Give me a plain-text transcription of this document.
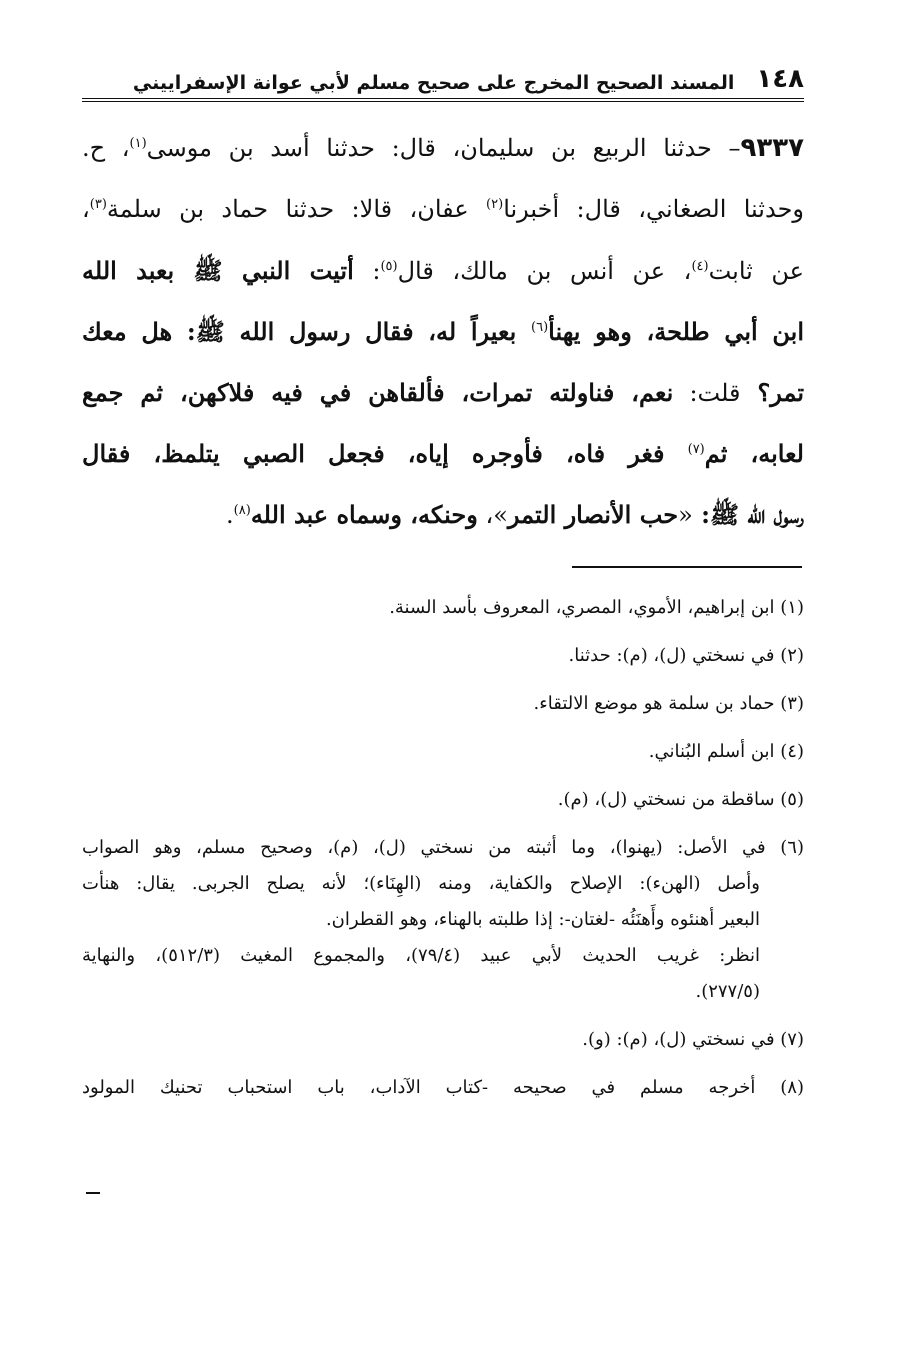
١٤٨
المسند الصحيح المخرج على صحيح مسلم لأبي عوانة الإسفراييني
٩٣٣٧– حدثنا الربيع بن سليمان، قال: حدثنا أسد بن موسى$^{(١)}$، ح.
وحدثنا الصغاني، قال: أخبرنا$^{(٢)}$ عفان، قالا: حدثنا حماد بن سلمة$^{(٣)}$،
عن ثابت$^{(٤)}$، عن أنس بن مالك، قال$^{(٥)}$: أتيت النبي ﷺ بعبد الله
ابن أبي طلحة، وهو يهنأ$^{(٦)}$ بعيراً له، فقال رسول الله ﷺ: هل معك
تمر؟ قلت: نعم، فناولته تمرات، فألقاهن في فيه فلاكهن، ثم جمع
لعابه، ثم$^{(٧)}$ فغر فاه، فأوجره إياه، فجعل الصبي يتلمظ، فقال
رسول الله ﷺ: «حب الأنصار التمر»، وحنكه، وسماه عبد الله$^{(٨)}$.
(١) ابن إبراهيم، الأموي، المصري، المعروف بأسد السنة.
(٢) في نسختي (ل)، (م): حدثنا.
(٣) حماد بن سلمة هو موضع الالتقاء.
(٤) ابن أسلم البُناني.
(٥) ساقطة من نسختي (ل)، (م).
(٦) في الأصل: (يهنوا)، وما أثبته من نسختي (ل)، (م)، وصحيح مسلم، وهو الصواب
وأصل (الهنء): الإصلاح والكفاية، ومنه (الهِنَاء)؛ لأنه يصلح الجربى. يقال: هنأت
البعير أهنئوه وأَهنَئُه -لغتان-: إذا طلبته بالهناء، وهو القطران.
انظر: غريب الحديث لأبي عبيد (٧٩/٤)، والمجموع المغيث (٥١٢/٣)، والنهاية
(٢٧٧/٥).
(٧) في نسختي (ل)، (م): (و).
(٨) أخرجه مسلم في صحيحه -كتاب الآداب، باب استحباب تحنيك المولود
